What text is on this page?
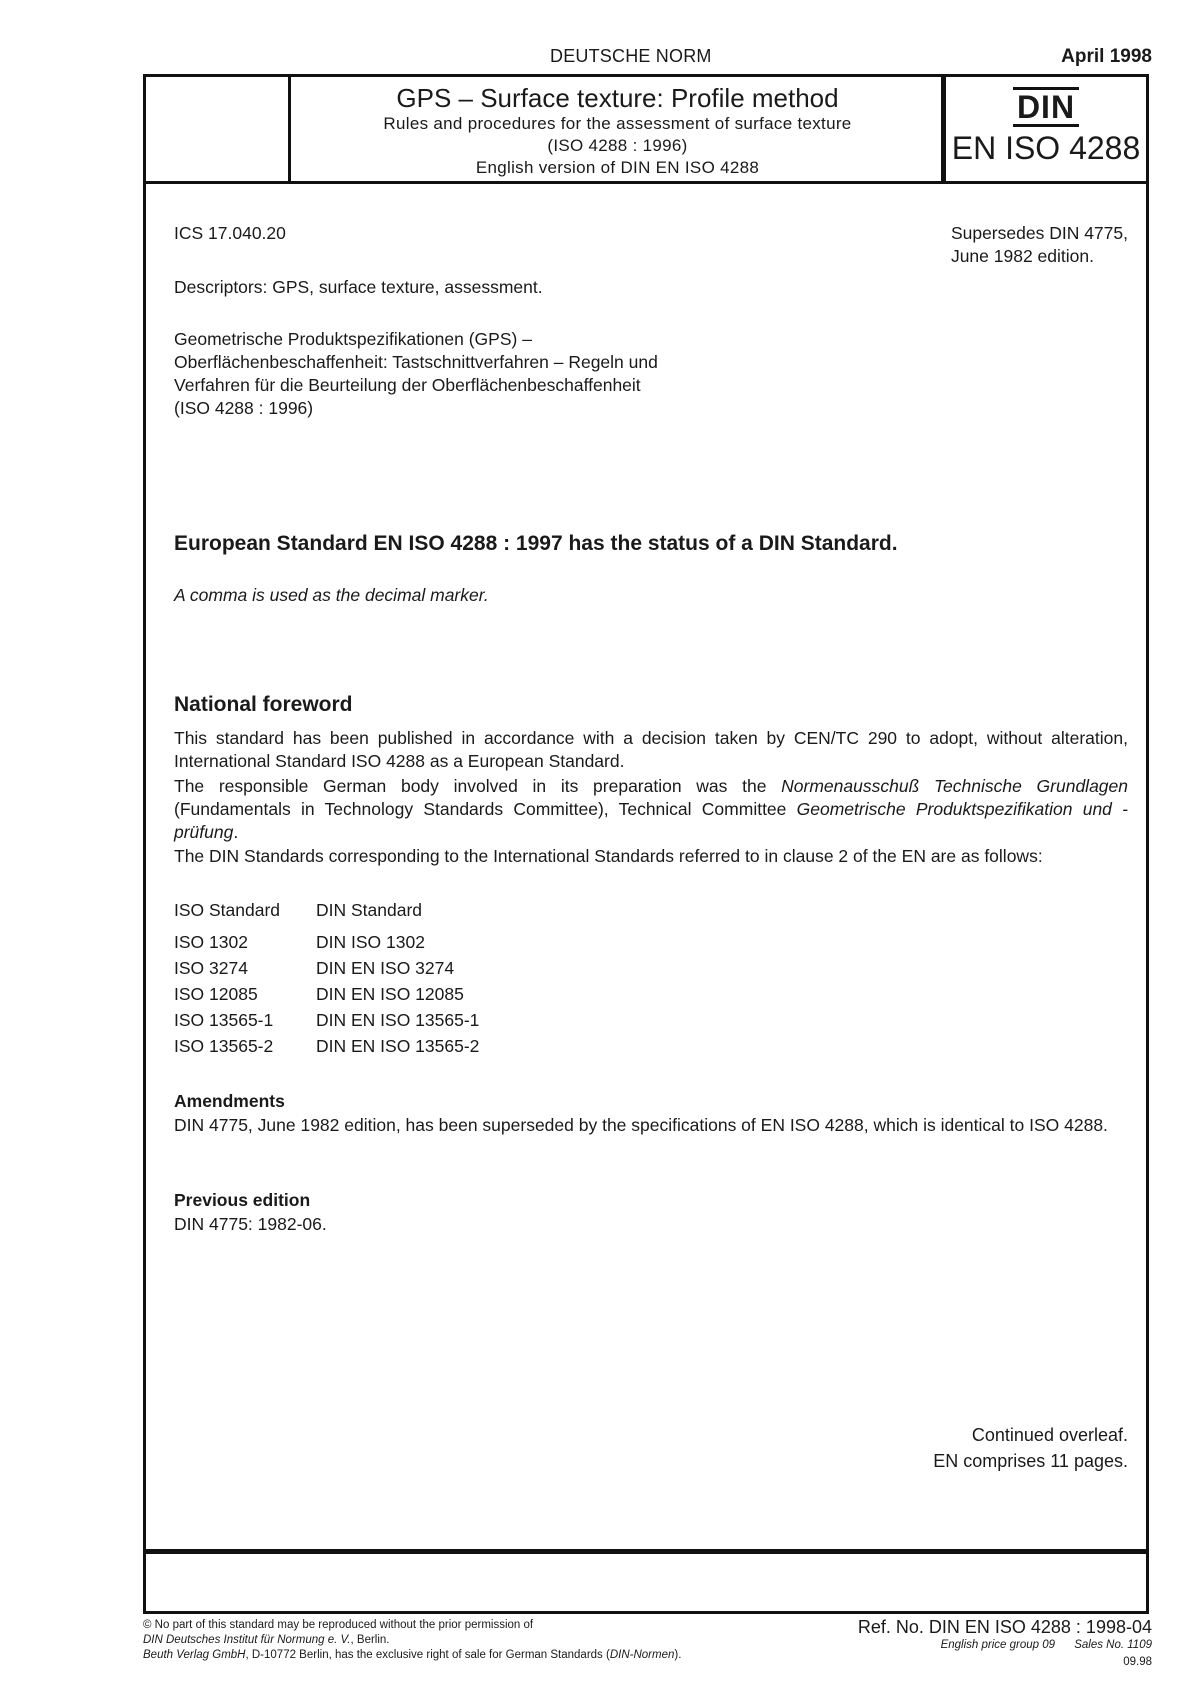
DEUTSCHE NORM	April 1998
GPS – Surface texture: Profile method
Rules and procedures for the assessment of surface texture
(ISO 4288 : 1996)
English version of DIN EN ISO 4288
DIN
EN ISO 4288
ICS 17.040.20	Supersedes DIN 4775,
June 1982 edition.
Descriptors: GPS, surface texture, assessment.
Geometrische Produktspezifikationen (GPS) –
Oberflächenbeschaffenheit: Tastschnittverfahren – Regeln und
Verfahren für die Beurteilung der Oberflächenbeschaffenheit
(ISO 4288 : 1996)
European Standard EN ISO 4288 : 1997 has the status of a DIN Standard.
A comma is used as the decimal marker.
National foreword
This standard has been published in accordance with a decision taken by CEN/TC 290 to adopt, without alteration, International Standard ISO 4288 as a European Standard.
The responsible German body involved in its preparation was the Normenausschuß Technische Grundlagen (Fundamentals in Technology Standards Committee), Technical Committee Geometrische Produktspezifikation und -prüfung.
The DIN Standards corresponding to the International Standards referred to in clause 2 of the EN are as follows:
ISO Standard	DIN Standard
ISO 1302	DIN ISO 1302
ISO 3274	DIN EN ISO 3274
ISO 12085	DIN EN ISO 12085
ISO 13565-1	DIN EN ISO 13565-1
ISO 13565-2	DIN EN ISO 13565-2
Amendments
DIN 4775, June 1982 edition, has been superseded by the specifications of EN ISO 4288, which is identical to ISO 4288.
Previous edition
DIN 4775: 1982-06.
Continued overleaf.
EN comprises 11 pages.
© No part of this standard may be reproduced without the prior permission of
DIN Deutsches Institut für Normung e. V., Berlin.
Beuth Verlag GmbH, D-10772 Berlin, has the exclusive right of sale for German Standards (DIN-Normen).
Ref. No. DIN EN ISO 4288 : 1998-04
English price group 09 Sales No. 1109
09.98
